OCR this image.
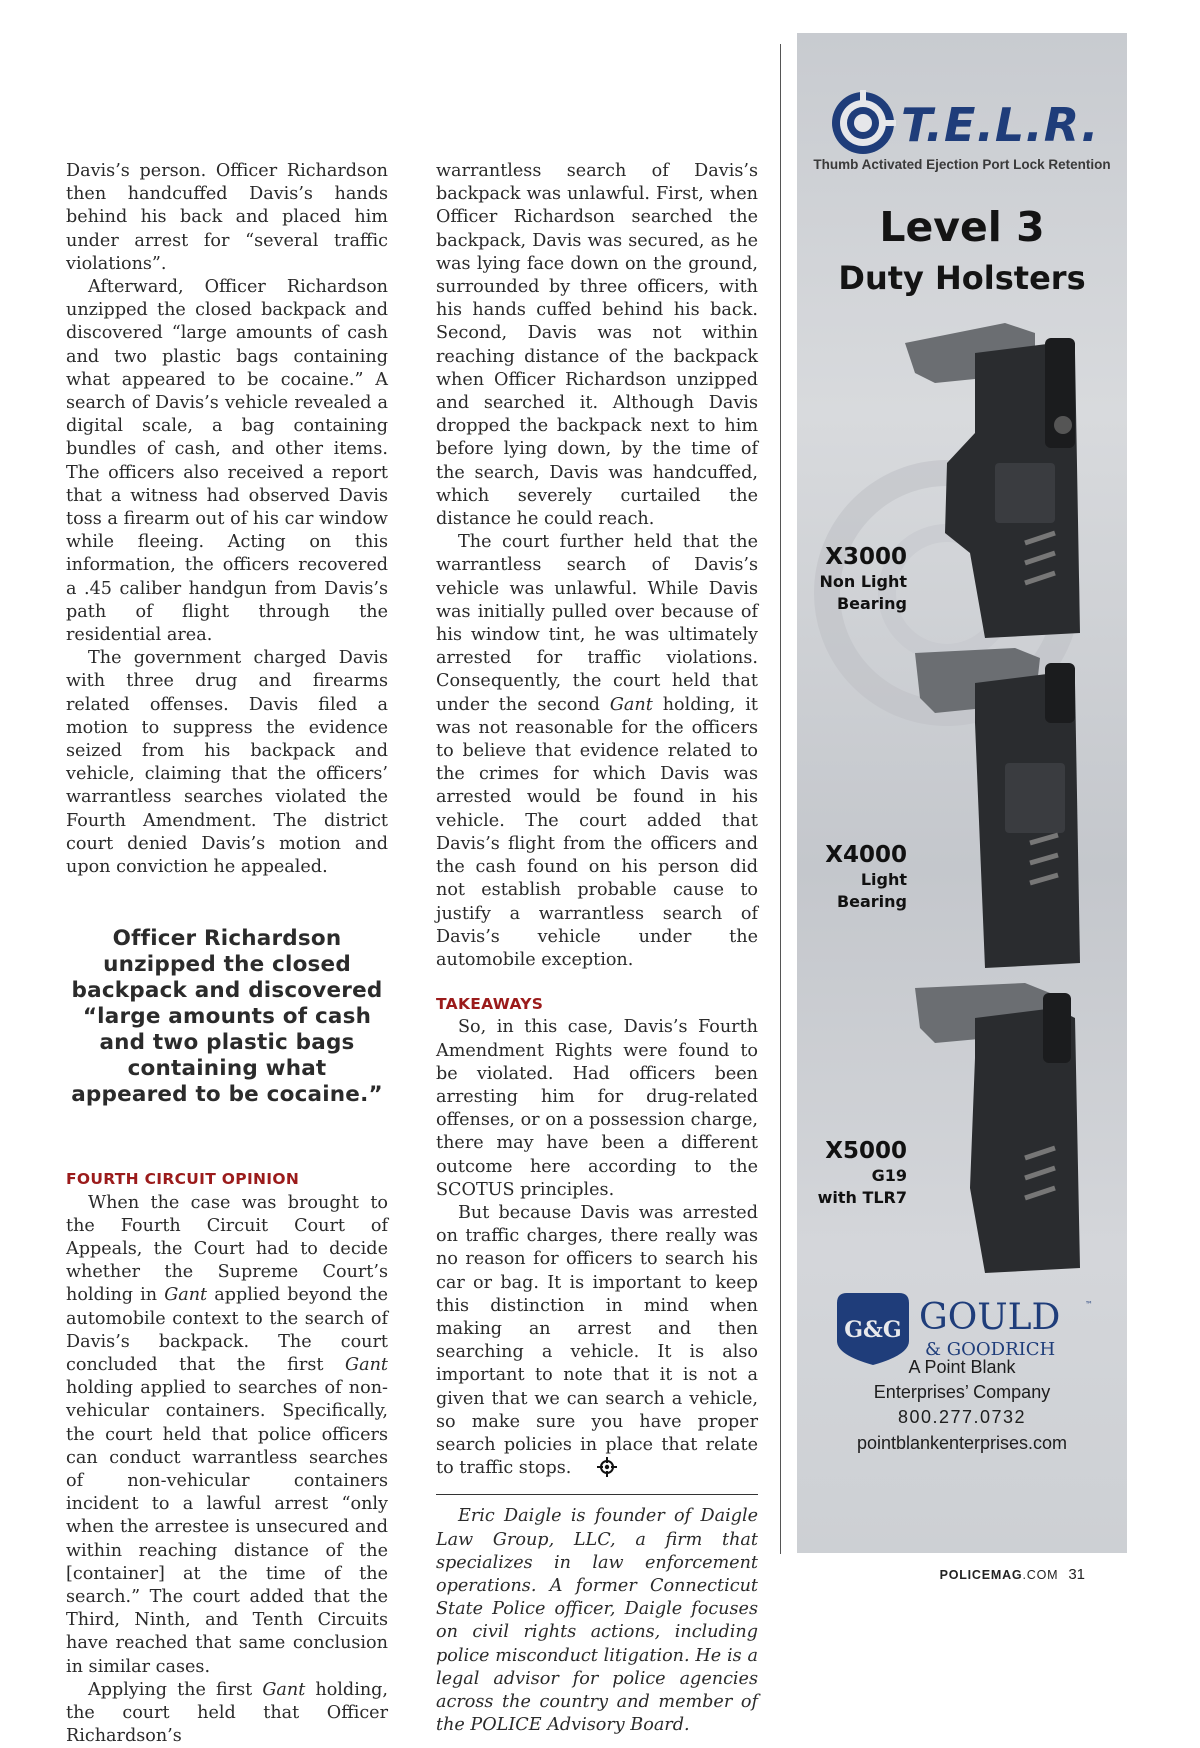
Davis’s person. Officer Richardson then handcuffed Davis’s hands behind his back and placed him under arrest for “several traffic violations”.

Afterward, Officer Richardson unzipped the closed backpack and discovered “large amounts of cash and two plastic bags containing what appeared to be cocaine.” A search of Davis’s vehicle revealed a digital scale, a bag containing bundles of cash, and other items. The officers also received a report that a witness had observed Davis toss a firearm out of his car window while fleeing. Acting on this information, the officers recovered a .45 caliber handgun from Davis’s path of flight through the residential area.

The government charged Davis with three drug and firearms related offenses. Davis filed a motion to suppress the evidence seized from his backpack and vehicle, claiming that the officers’ warrantless searches violated the Fourth Amendment. The district court denied Davis’s motion and upon conviction he appealed.

Officer Richardson unzipped the closed backpack and discovered “large amounts of cash and two plastic bags containing what appeared to be cocaine.”
FOURTH CIRCUIT OPINION

When the case was brought to the Fourth Circuit Court of Appeals, the Court had to decide whether the Supreme Court’s holding in Gant applied beyond the automobile context to the search of Davis’s backpack. The court concluded that the first Gant holding applied to searches of non-vehicular containers. Specifically, the court held that police officers can conduct warrantless searches of non-vehicular containers incident to a lawful arrest “only when the arrestee is unsecured and within reaching distance of the [container] at the time of the search.” The court added that the Third, Ninth, and Tenth Circuits have reached that same conclusion in similar cases.

Applying the first Gant holding, the court held that Officer Richardson’s

warrantless search of Davis’s backpack was unlawful. First, when Officer Richardson searched the backpack, Davis was secured, as he was lying face down on the ground, surrounded by three officers, with his hands cuffed behind his back. Second, Davis was not within reaching distance of the backpack when Officer Richardson unzipped and searched it. Although Davis dropped the backpack next to him before lying down, by the time of the search, Davis was handcuffed, which severely curtailed the distance he could reach.

The court further held that the warrantless search of Davis’s vehicle was unlawful. While Davis was initially pulled over because of his window tint, he was ultimately arrested for traffic violations. Consequently, the court held that under the second Gant holding, it was not reasonable for the officers to believe that evidence related to the crimes for which Davis was arrested would be found in his vehicle. The court added that Davis’s flight from the officers and the cash found on his person did not establish probable cause to justify a warrantless search of Davis’s vehicle under the automobile exception.

TAKEAWAYS

So, in this case, Davis’s Fourth Amendment Rights were found to be violated. Had officers been arresting him for drug-related offenses, or on a possession charge, there may have been a different outcome here according to the SCOTUS principles.

But because Davis was arrested on traffic charges, there really was no reason for officers to search his car or bag. It is important to keep this distinction in mind when making an arrest and then searching a vehicle. It is also important to note that it is not a given that we can search a vehicle, so make sure you have proper search policies in place that relate to traffic stops.

Eric Daigle is founder of Daigle Law Group, LLC, a firm that specializes in law enforcement operations. A former Connecticut State Police officer, Daigle focuses on civil rights actions, including police misconduct litigation. He is a legal advisor for police agencies across the country and member of the POLICE Advisory Board.

T.E.L.R.
Thumb Activated Ejection Port Lock Retention
Level 3
Duty Holsters
X3000
Non Light
Bearing
X4000
Light
Bearing
X5000
G19
with TLR7
G&G GOULD	™
& GOODRICH
A Point Blank
Enterprises’ Company
800.277.0732
pointblankenterprises.com
POLICEMAG.COM 31
